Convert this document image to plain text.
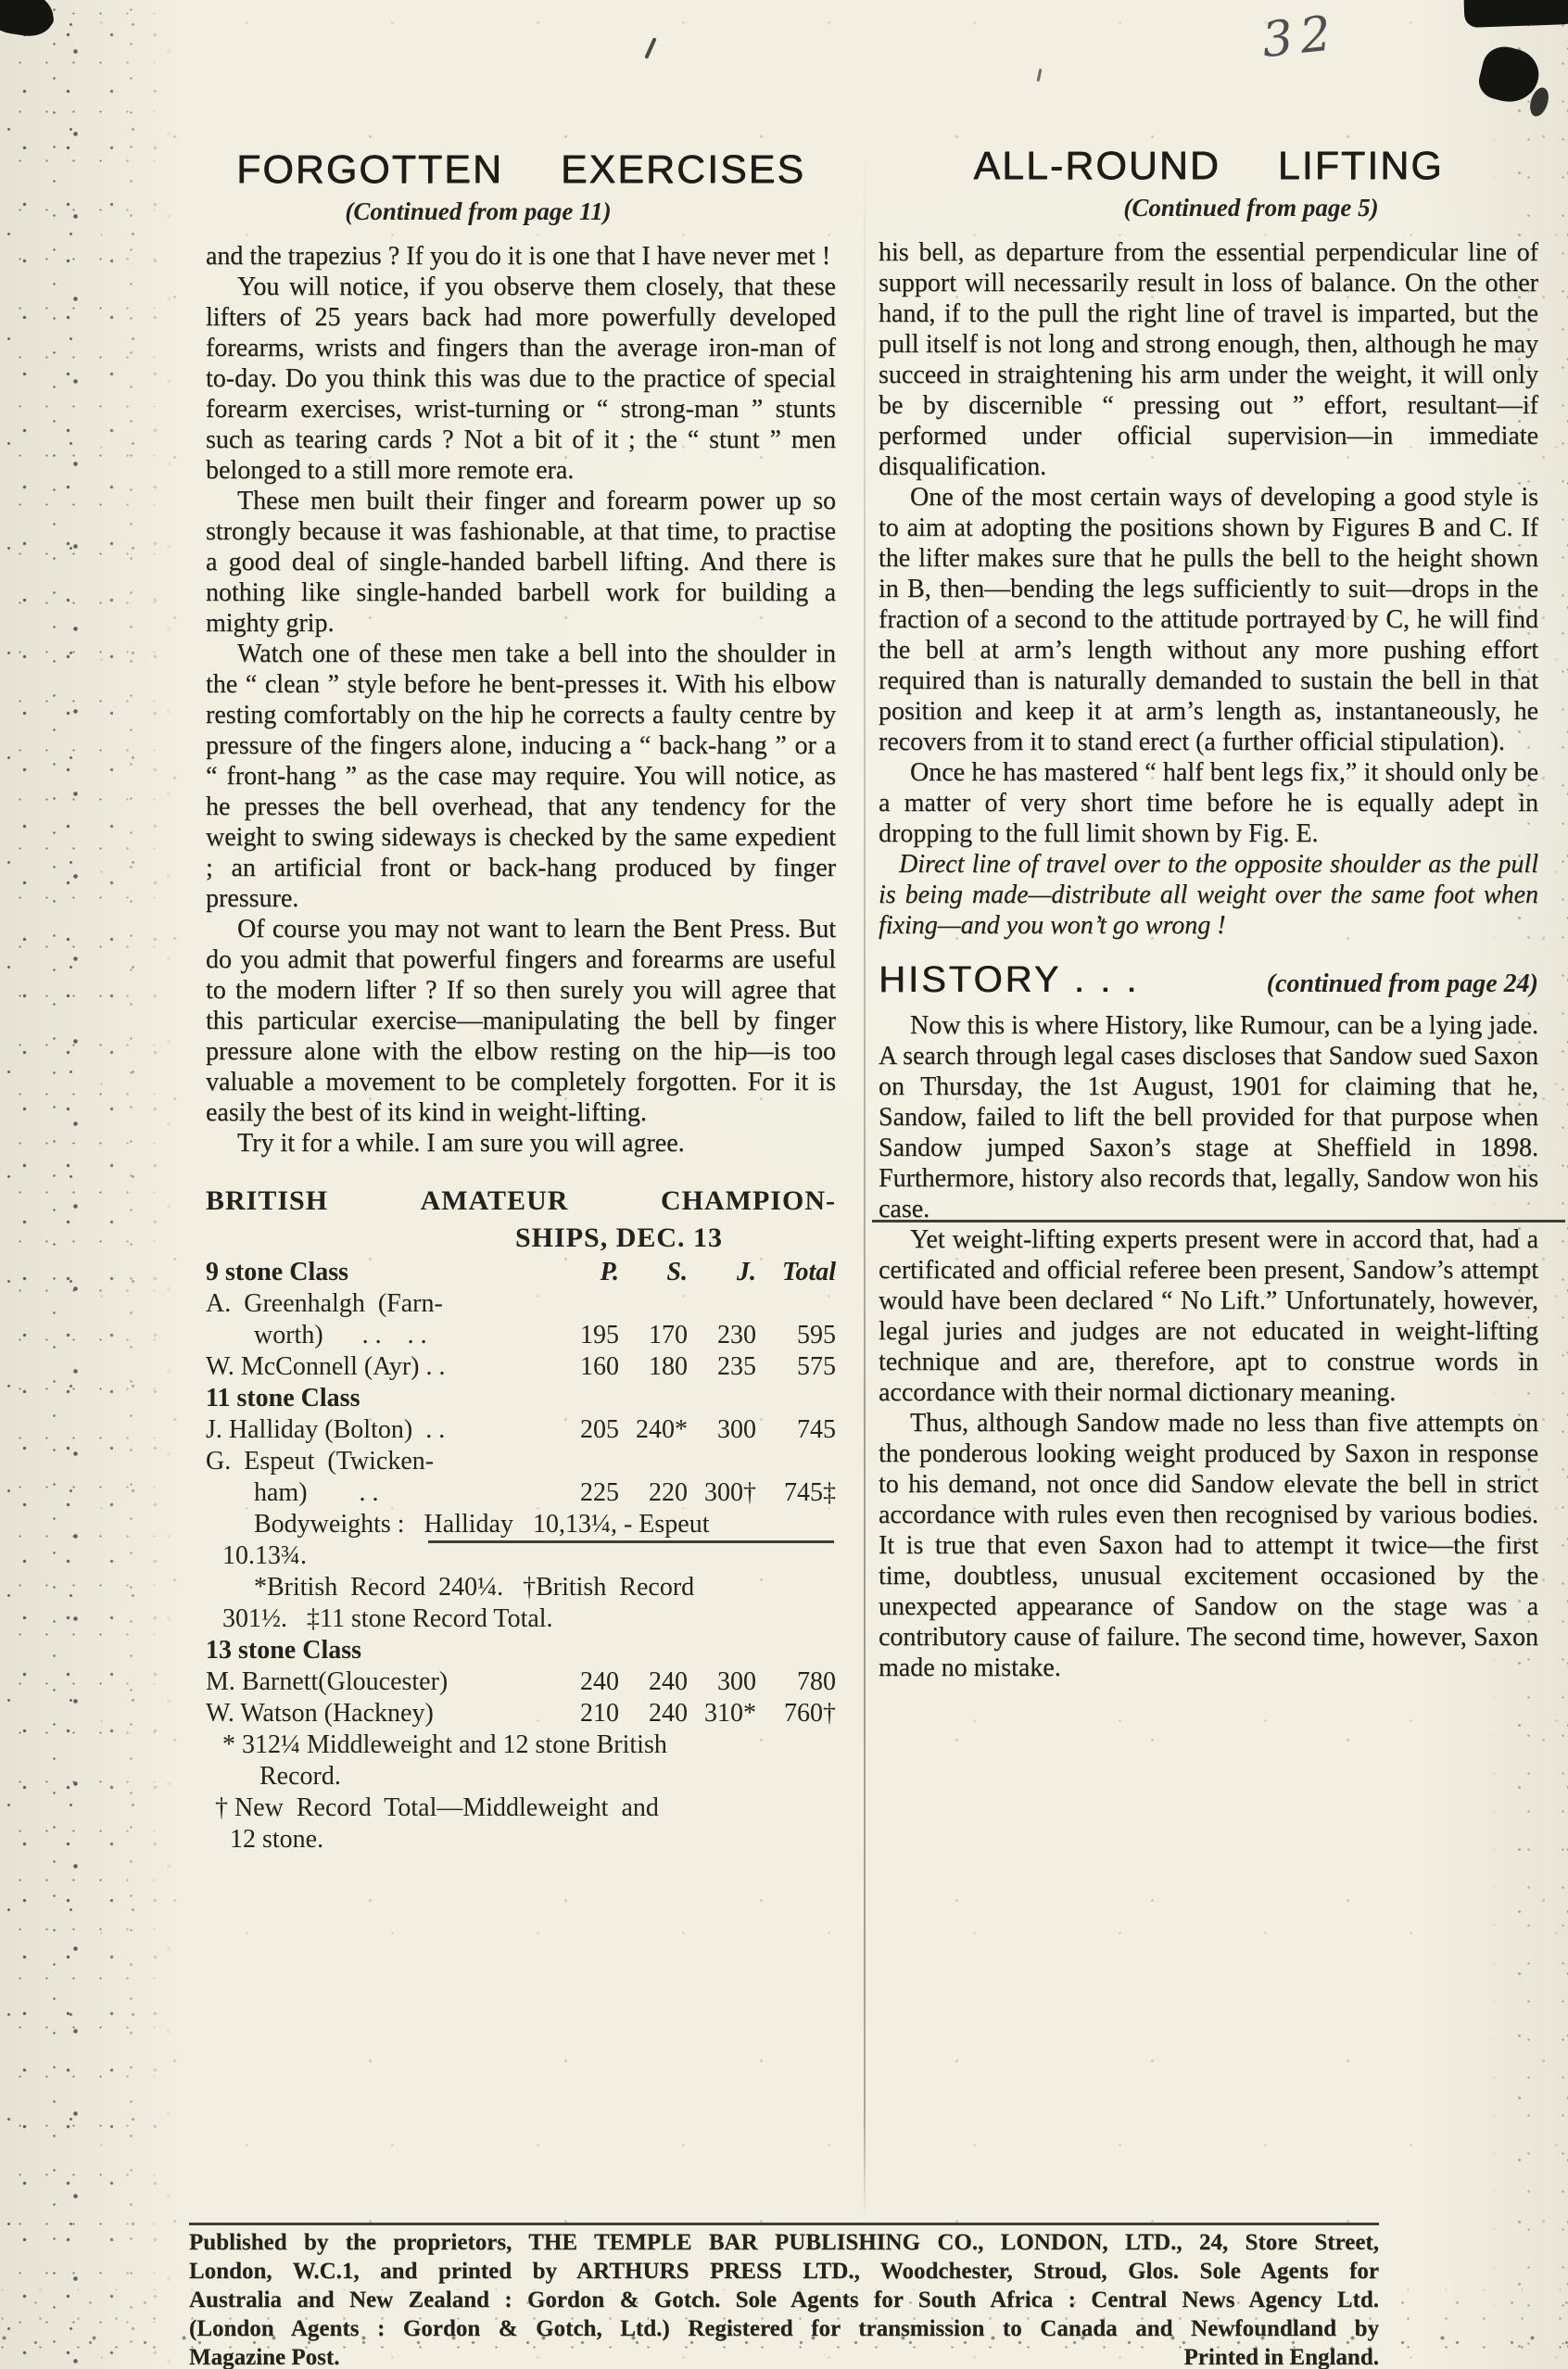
32
FORGOTTEN EXERCISES
(Continued from page 11)

and the trapezius ? If you do it is one that I have never met !

You will notice, if you observe them closely, that these lifters of 25 years back had more powerfully developed forearms, wrists and fingers than the average iron-man of to-day. Do you think this was due to the practice of special forearm exercises, wrist-turning or “ strong-man ” stunts such as tearing cards ? Not a bit of it ; the “ stunt ” men belonged to a still more remote era.

These men built their finger and forearm power up so strongly because it was fashionable, at that time, to practise a good deal of single-handed barbell lifting. And there is nothing like single-handed barbell work for building a mighty grip.

Watch one of these men take a bell into the shoulder in the “ clean ” style before he bent-presses it. With his elbow resting comfortably on the hip he corrects a faulty centre by pressure of the fingers alone, inducing a “ back-hang ” or a “ front-hang ” as the case may require. You will notice, as he presses the bell overhead, that any tendency for the weight to swing sideways is checked by the same expedient ; an artificial front or back-hang produced by finger pressure.

Of course you may not want to learn the Bent Press. But do you admit that powerful fingers and forearms are useful to the modern lifter ? If so then surely you will agree that this particular exercise—manipulating the bell by finger pressure alone with the elbow resting on the hip—is too valuable a movement to be completely forgotten. For it is easily the best of its kind in weight-lifting.

Try it for a while. I am sure you will agree.

BRITISH	AMATEUR	CHAMPION-
SHIPS, DEC. 13
9 stone Class	P.	S.	J. Total
A.  Greenhalgh  (Farn-
worth)      . .    . .	195	170	230	595
W. McConnell (Ayr) . .	160	180	235	575
11 stone Class
J. Halliday (Bolton)  . .	205 240*	300	745
G.  Espeut  (Twicken-
ham)        . .	225	220 300†	745‡
Bodyweights :   Halliday   10,13¼, - Espeut
10.13¾.
*British  Record  240¼.   †British  Record
301½.   ‡11 stone Record Total.
13 stone Class
M. Barnett(Gloucester)	240	240	300	780
W. Watson (Hackney)	210	240 310*	760†
* 312¼ Middleweight and 12 stone British
Record.
† New  Record  Total—Middleweight  and
12 stone.
ALL-ROUND LIFTING
(Continued from page 5)

his bell, as departure from the essential perpendicular line of support will necessarily result in loss of balance. On the other hand, if to the pull the right line of travel is imparted, but the pull itself is not long and strong enough, then, although he may succeed in straightening his arm under the weight, it will only be by discernible “ pressing out ” effort, resultant—if performed under official supervision—in immediate disqualification.

One of the most certain ways of developing a good style is to aim at adopting the positions shown by Figures B and C. If the lifter makes sure that he pulls the bell to the height shown in B, then—bending the legs sufficiently to suit—drops in the fraction of a second to the attitude portrayed by C, he will find the bell at arm’s length without any more pushing effort required than is naturally demanded to sustain the bell in that position and keep it at arm’s length as, instantaneously, he recovers from it to stand erect (a further official stipulation).

Once he has mastered “ half bent legs fix,” it should only be a matter of very short time before he is equally adept in dropping to the full limit shown by Fig. E.

Direct line of travel over to the opposite shoulder as the pull is being made—distribute all weight over the same foot when fixing—and you won’t go wrong !

HISTORY . . .	(continued from page 24)

Now this is where History, like Rumour, can be a lying jade. A search through legal cases discloses that Sandow sued Saxon on Thursday, the 1st August, 1901 for claiming that he, Sandow, failed to lift the bell provided for that purpose when Sandow jumped Saxon’s stage at Sheffield in 1898. Furthermore, history also records that, legally, Sandow won his case.

Yet weight-lifting experts present were in accord that, had a certificated and official referee been present, Sandow’s attempt would have been declared “ No Lift.” Unfortunately, however, legal juries and judges are not educated in weight-lifting technique and are, therefore, apt to construe words in accordance with their normal dictionary meaning.

Thus, although Sandow made no less than five attempts on the ponderous looking weight produced by Saxon in response to his demand, not once did Sandow elevate the bell in strict accordance with rules even then recognised by various bodies. It is true that even Saxon had to attempt it twice—the first time, doubtless, unusual excitement occasioned by the unexpected appearance of Sandow on the stage was a contributory cause of failure. The second time, however, Saxon made no mistake.

Published by the proprietors, THE TEMPLE BAR PUBLISHING CO., LONDON, LTD., 24, Store Street,
London, W.C.1, and printed by ARTHURS PRESS LTD., Woodchester, Stroud, Glos. Sole Agents for
Australia and New Zealand : Gordon & Gotch. Sole Agents for South Africa : Central News Agency Ltd.
(London Agents : Gordon & Gotch, Ltd.) Registered for transmission to Canada and Newfoundland by
Magazine Post.	Printed in England.
